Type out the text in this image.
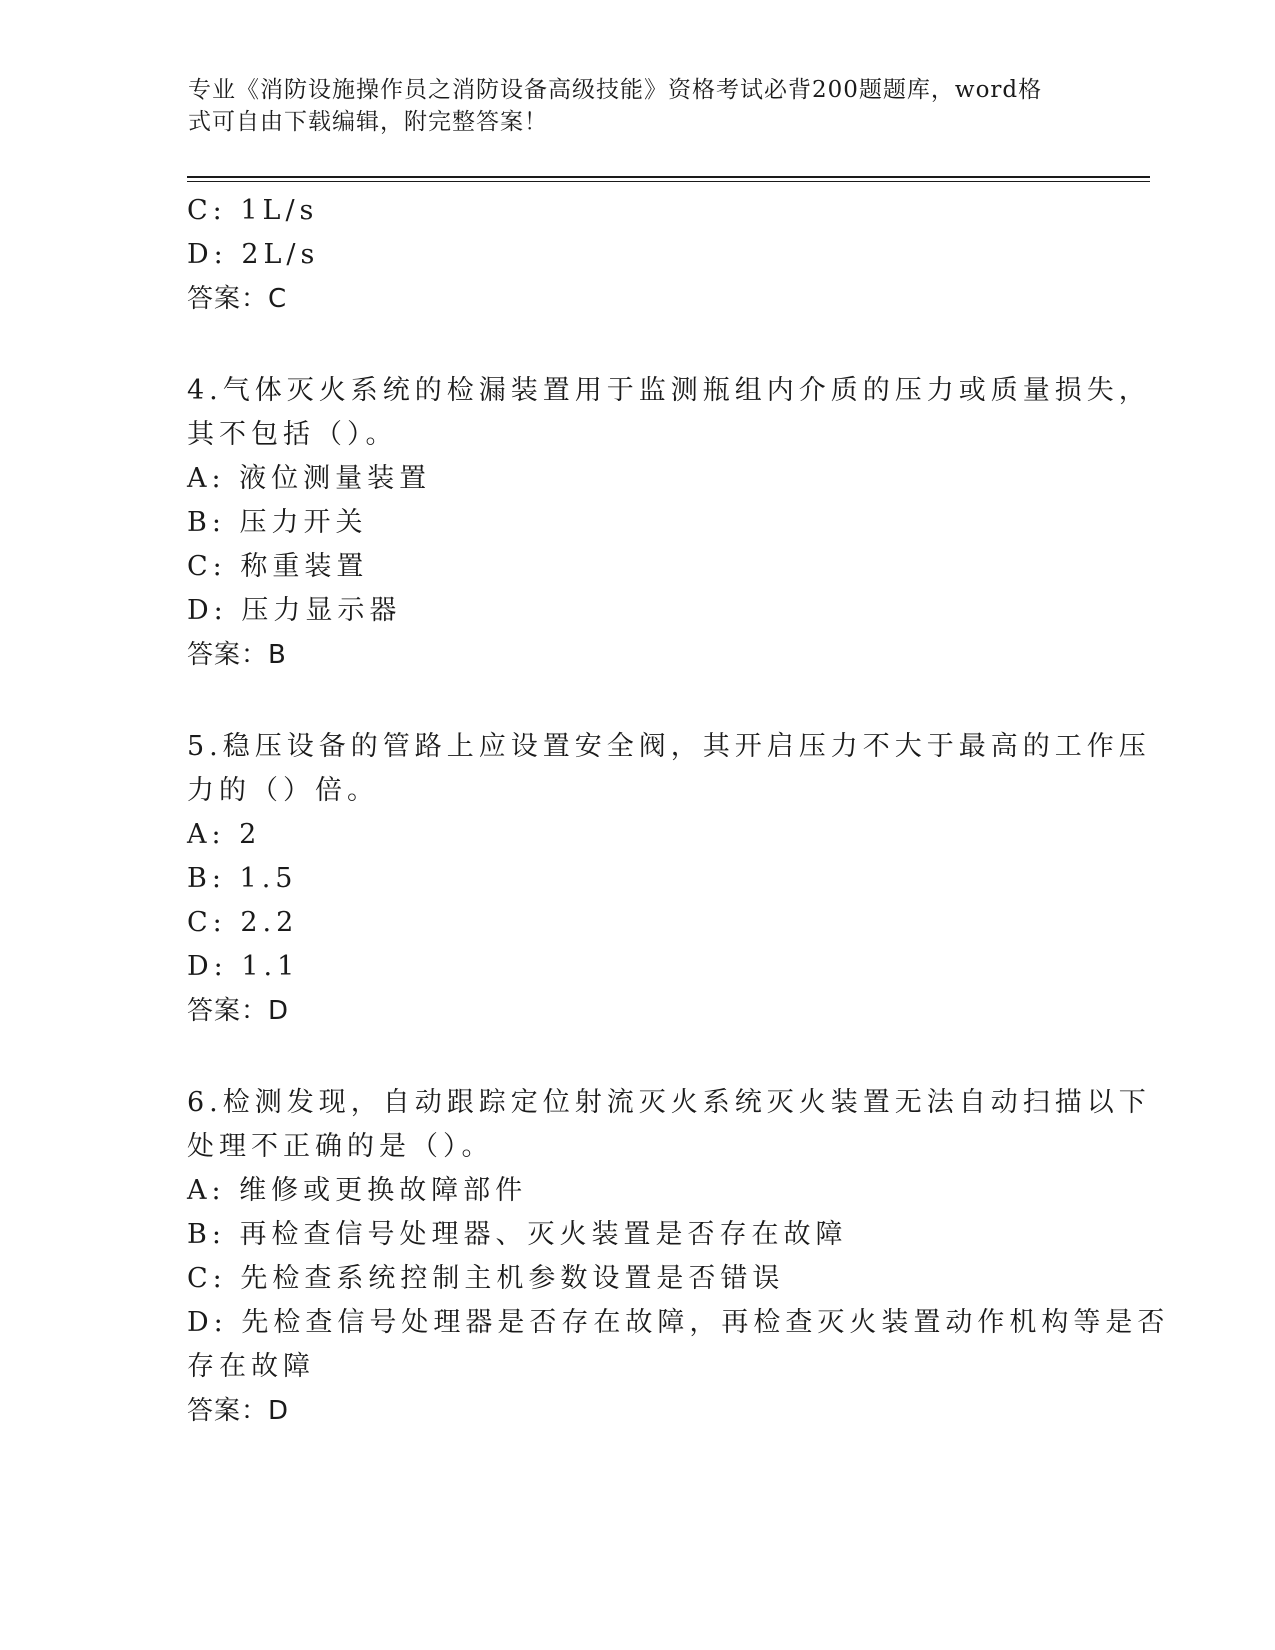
专业《消防设施操作员之消防设备高级技能》资格考试必背200题题库，word格
式可自由下载编辑，附完整答案！
C: 1L/s
D: 2L/s
答案：C
4.气体灭火系统的检漏装置用于监测瓶组内介质的压力或质量损失，
其不包括（）。
A: 液位测量装置
B: 压力开关
C: 称重装置
D: 压力显示器
答案：B
5.稳压设备的管路上应设置安全阀，其开启压力不大于最高的工作压
力的（）倍。
A: 2
B: 1.5
C: 2.2
D: 1.1
答案：D
6.检测发现，自动跟踪定位射流灭火系统灭火装置无法自动扫描以下
处理不正确的是（）。
A: 维修或更换故障部件
B: 再检查信号处理器、灭火装置是否存在故障
C: 先检查系统控制主机参数设置是否错误
D: 先检查信号处理器是否存在故障，再检查灭火装置动作机构等是否
存在故障
答案：D
